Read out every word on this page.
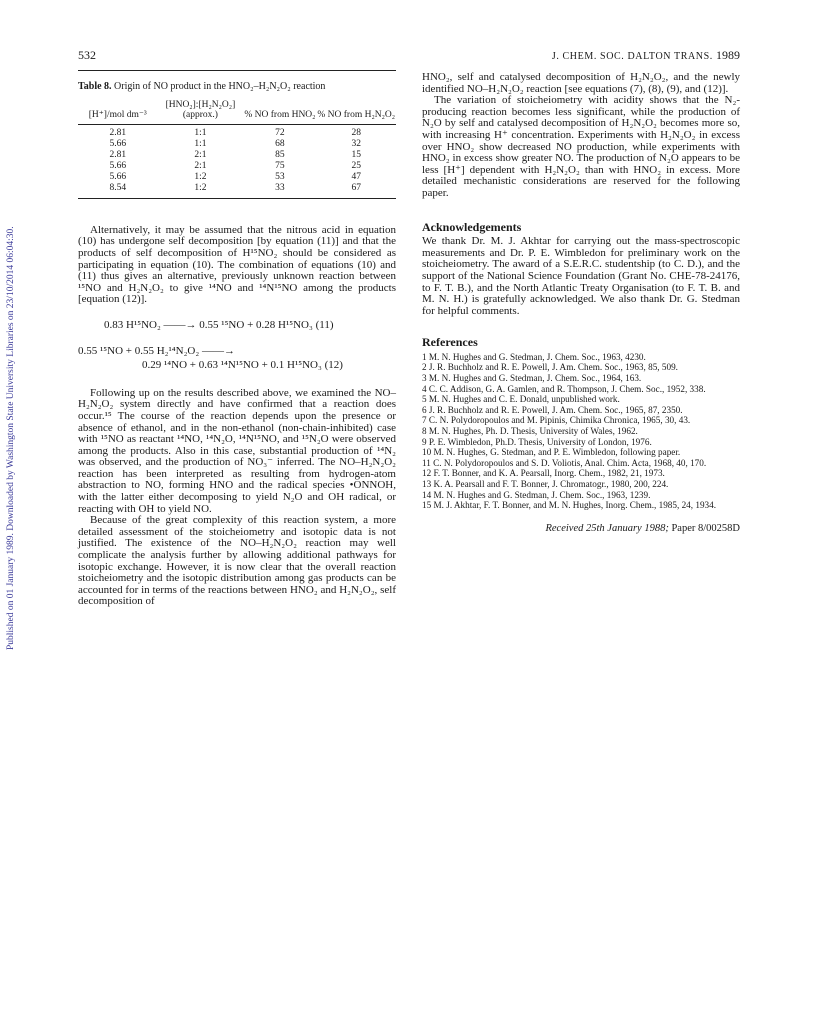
Published on 01 January 1989. Downloaded by Washington State University Libraries on 23/10/2014 06:04:30.
532	J. CHEM. SOC. DALTON TRANS. 1989
Table 8. Origin of NO product in the HNO₂–H₂N₂O₂ reaction
[H⁺]/mol dm⁻³	[HNO₂]:[H₂N₂O₂] (approx.)	% NO from HNO₂	% NO from H₂N₂O₂
2.81	1:1	72	28
5.66	1:1	68	32
2.81	2:1	85	15
5.66	2:1	75	25
5.66	1:2	53	47
8.54	1:2	33	67

Alternatively, it may be assumed that the nitrous acid in equation (10) has undergone self decomposition [by equation (11)] and that the products of self decomposition of H¹⁵NO₂ should be considered as participating in equation (10). The combination of equations (10) and (11) thus gives an alternative, previously unknown reaction between ¹⁵NO and H₂N₂O₂ to give ¹⁴NO and ¹⁴N¹⁵NO among the products [equation (12)].

0.83 H¹⁵NO₂ ——→ 0.55 ¹⁵NO + 0.28 H¹⁵NO₃ (11)
0.55 ¹⁵NO + 0.55 H₂¹⁴N₂O₂ ——→
0.29 ¹⁴NO + 0.63 ¹⁴N¹⁵NO + 0.1 H¹⁵NO₃ (12)

Following up on the results described above, we examined the NO–H₂N₂O₂ system directly and have confirmed that a reaction does occur.¹⁵ The course of the reaction depends upon the presence or absence of ethanol, and in the non-ethanol (non-chain-inhibited) case with ¹⁵NO as reactant ¹⁴NO, ¹⁴N₂O, ¹⁴N¹⁵NO, and ¹⁵N₂O were observed among the products. Also in this case, substantial production of ¹⁴N₂ was observed, and the production of NO₃⁻ inferred. The NO–H₂N₂O₂ reaction has been interpreted as resulting from hydrogen-atom abstraction to NO, forming HNO and the radical species •ONNOH, with the latter either decomposing to yield N₂O and OH radical, or reacting with OH to yield NO.

Because of the great complexity of this reaction system, a more detailed assessment of the stoicheiometry and isotopic data is not justified. The existence of the NO–H₂N₂O₂ reaction may well complicate the analysis further by allowing additional pathways for isotopic exchange. However, it is now clear that the overall reaction stoicheiometry and the isotopic distribution among gas products can be accounted for in terms of the reactions between HNO₂ and H₂N₂O₂, self decomposition of

HNO₂, self and catalysed decomposition of H₂N₂O₂, and the newly identified NO–H₂N₂O₂ reaction [see equations (7), (8), (9), and (12)].

The variation of stoicheiometry with acidity shows that the N₂-producing reaction becomes less significant, while the production of N₂O by self and catalysed decomposition of H₂N₂O₂ becomes more so, with increasing H⁺ concentration. Experiments with H₂N₂O₂ in excess over HNO₂ show decreased NO production, while experiments with HNO₂ in excess show greater NO. The production of N₂O appears to be less [H⁺] dependent with H₂N₂O₂ than with HNO₂ in excess. More detailed mechanistic considerations are reserved for the following paper.

Acknowledgements

We thank Dr. M. J. Akhtar for carrying out the mass-spectroscopic measurements and Dr. P. E. Wimbledon for preliminary work on the stoicheiometry. The award of a S.E.R.C. studentship (to C. D.), and the support of the National Science Foundation (Grant No. CHE-78-24176, to F. T. B.), and the North Atlantic Treaty Organisation (to F. T. B. and M. N. H.) is gratefully acknowledged. We also thank Dr. G. Stedman for helpful comments.

References
1 M. N. Hughes and G. Stedman, J. Chem. Soc., 1963, 4230.
2 J. R. Buchholz and R. E. Powell, J. Am. Chem. Soc., 1963, 85, 509.
3 M. N. Hughes and G. Stedman, J. Chem. Soc., 1964, 163.
4 C. C. Addison, G. A. Gamlen, and R. Thompson, J. Chem. Soc., 1952, 338.
5 M. N. Hughes and C. E. Donald, unpublished work.
6 J. R. Buchholz and R. E. Powell, J. Am. Chem. Soc., 1965, 87, 2350.
7 C. N. Polydoropoulos and M. Pipinis, Chimika Chronica, 1965, 30, 43.
8 M. N. Hughes, Ph. D. Thesis, University of Wales, 1962.
9 P. E. Wimbledon, Ph.D. Thesis, University of London, 1976.
10 M. N. Hughes, G. Stedman, and P. E. Wimbledon, following paper.
11 C. N. Polydoropoulos and S. D. Voliotis, Anal. Chim. Acta, 1968, 40, 170.
12 F. T. Bonner, and K. A. Pearsall, Inorg. Chem., 1982, 21, 1973.
13 K. A. Pearsall and F. T. Bonner, J. Chromatogr., 1980, 200, 224.
14 M. N. Hughes and G. Stedman, J. Chem. Soc., 1963, 1239.
15 M. J. Akhtar, F. T. Bonner, and M. N. Hughes, Inorg. Chem., 1985, 24, 1934.
Received 25th January 1988; Paper 8/00258D
